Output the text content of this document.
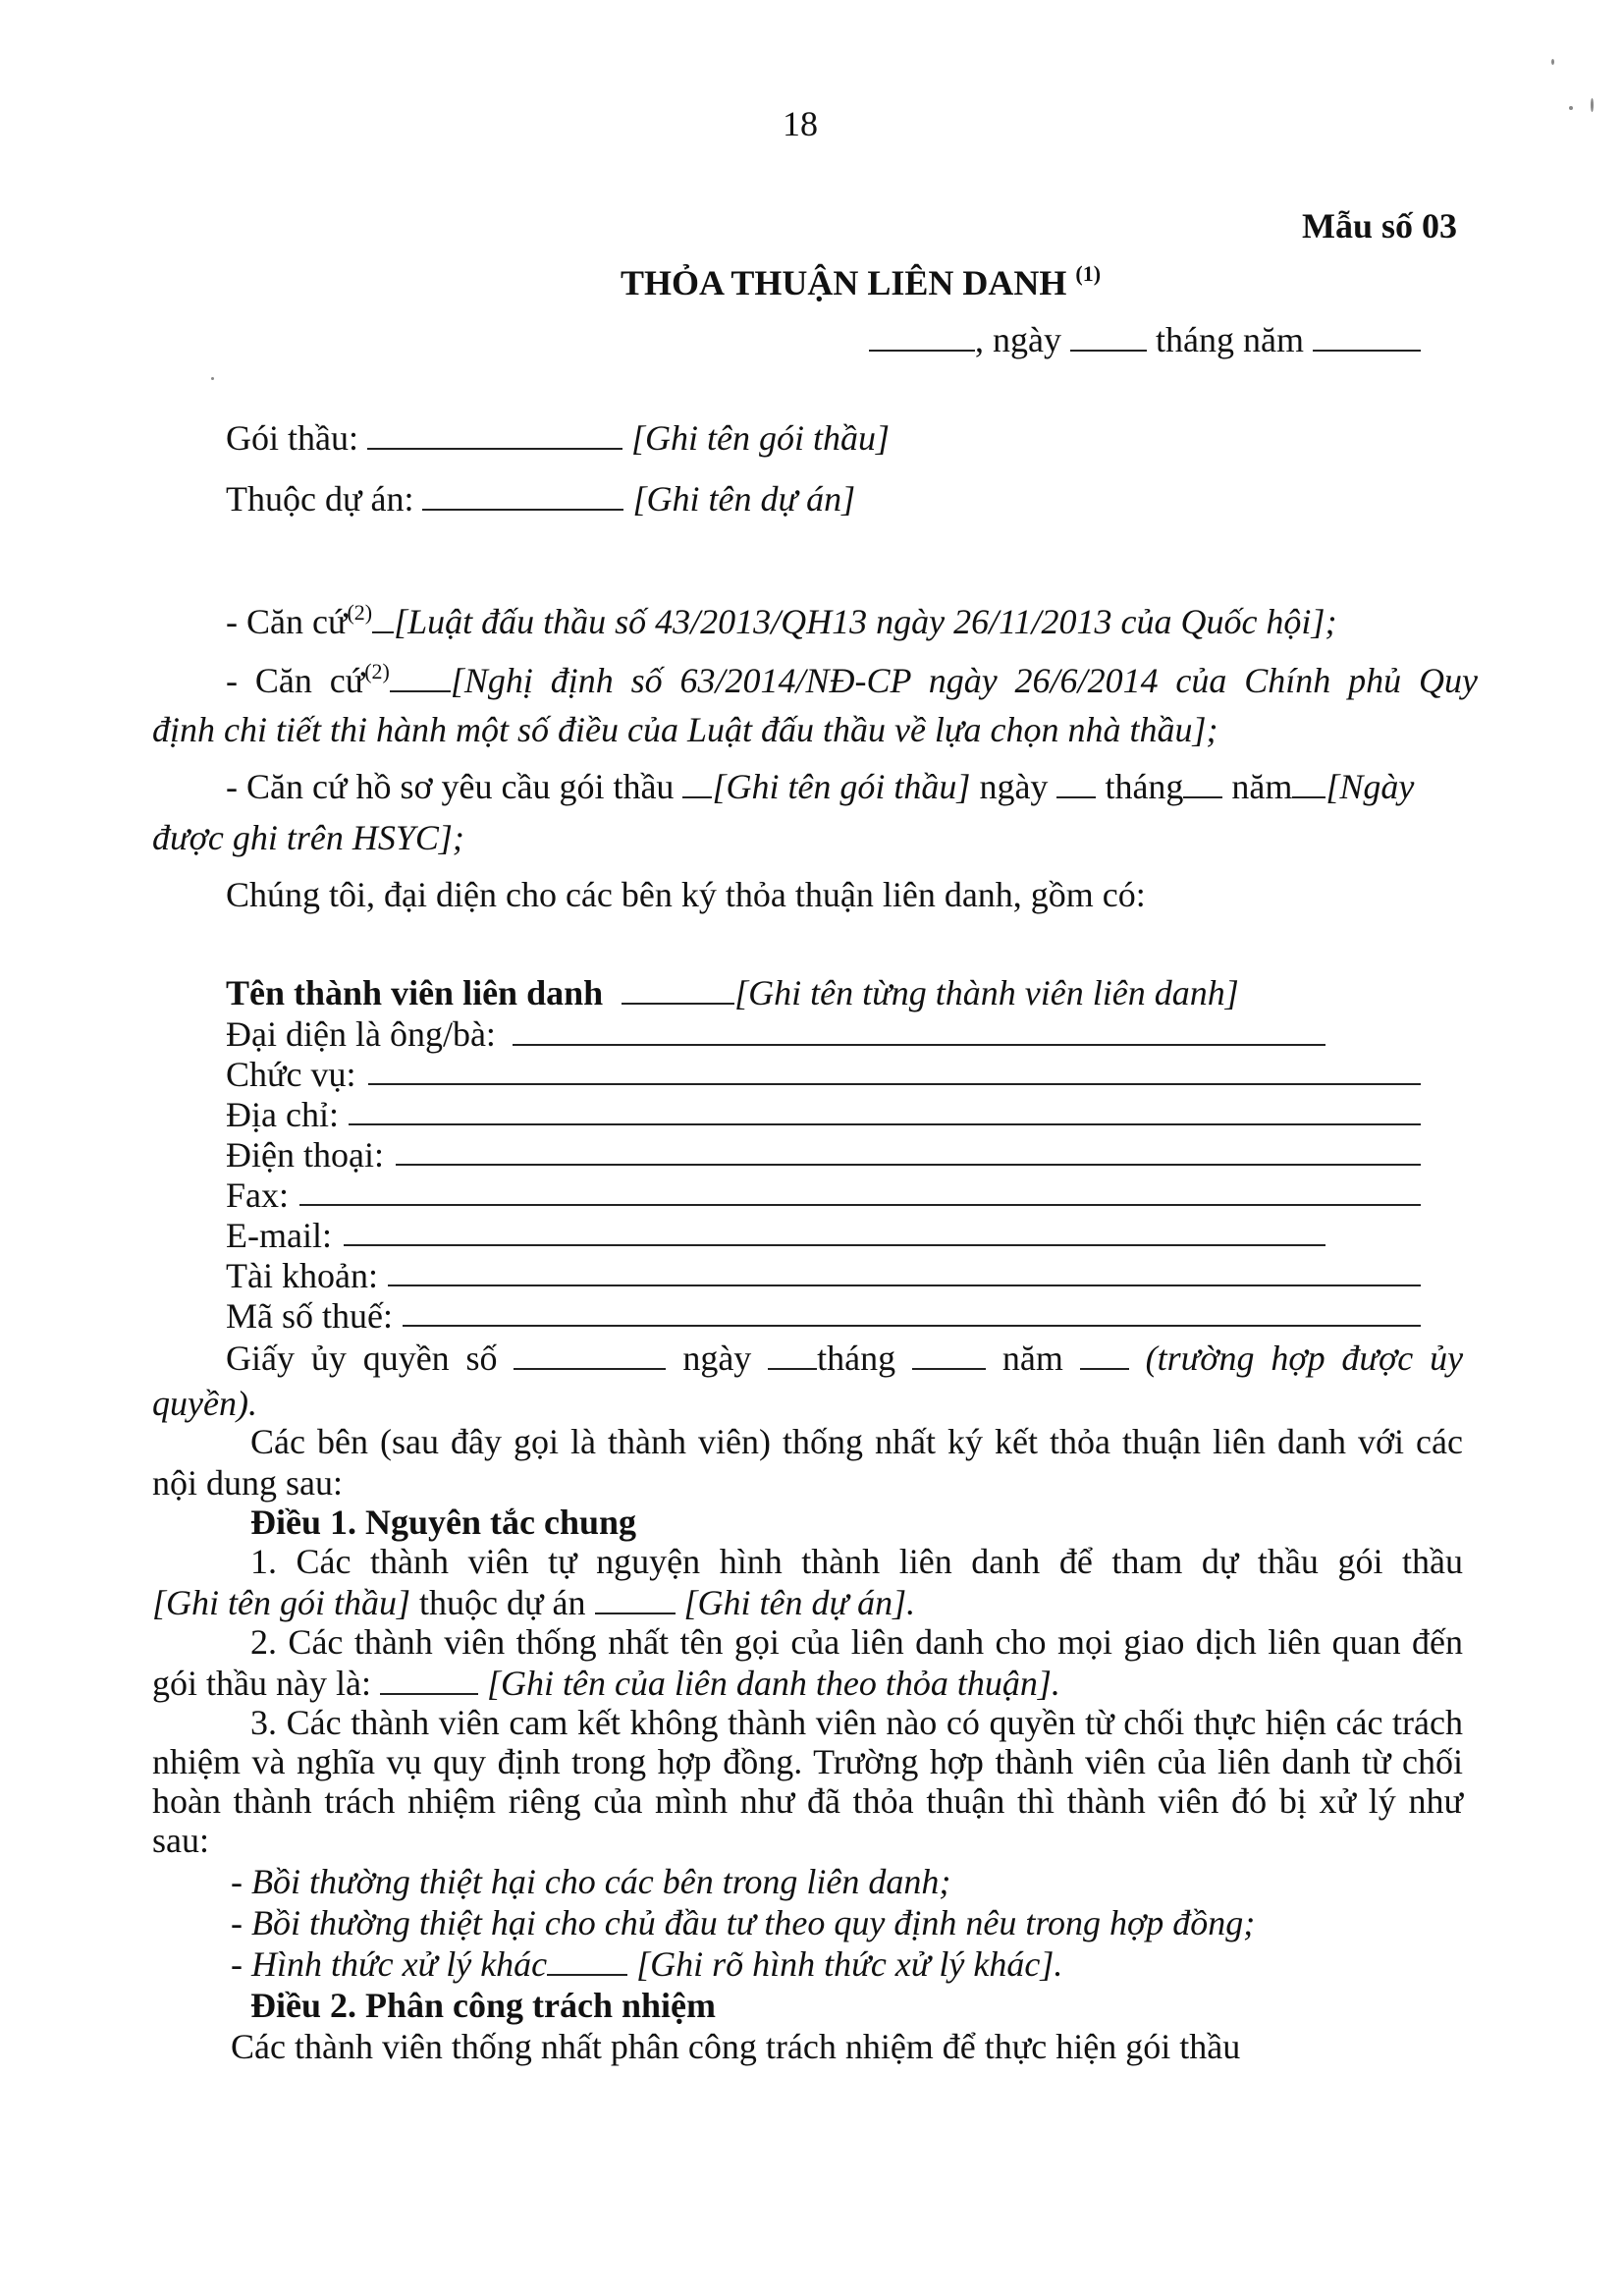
18
Mẫu số 03
THỎA THUẬN LIÊN DANH $^{(1)}$
, ngày	tháng năm
Gói thầu:	[Ghi tên gói thầu]
Thuộc dự án:	[Ghi tên dự án]
- Căn cứ$^{(2)}$ [Luật đấu thầu số 43/2013/QH13 ngày 26/11/2013 của Quốc hội];
- Căn cứ$^{(2)}$ [Nghị định số 63/2014/NĐ-CP ngày 26/6/2014 của Chính phủ Quy
định chi tiết thi hành một số điều của Luật đấu thầu về lựa chọn nhà thầu];
- Căn cứ hồ sơ yêu cầu gói thầu [Ghi tên gói thầu] ngày tháng năm [Ngày
được ghi trên HSYC];
Chúng tôi, đại diện cho các bên ký thỏa thuận liên danh, gồm có:
Tên thành viên liên danh	[Ghi tên từng thành viên liên danh]
Đại diện là ông/bà:
Chức vụ:
Địa chỉ:
Điện thoại:
Fax:
E-mail:
Tài khoản:
Mã số thuế:
Giấy ủy quyền số	ngày tháng	năm (trường hợp được ủy
quyền).
Các bên (sau đây gọi là thành viên) thống nhất ký kết thỏa thuận liên danh với các
nội dung sau:
Điều 1. Nguyên tắc chung
1. Các thành viên tự nguyện hình thành liên danh để tham dự thầu gói thầu
[Ghi tên gói thầu] thuộc dự án	[Ghi tên dự án].
2. Các thành viên thống nhất tên gọi của liên danh cho mọi giao dịch liên quan đến
gói thầu này là:	[Ghi tên của liên danh theo thỏa thuận].
3. Các thành viên cam kết không thành viên nào có quyền từ chối thực hiện các trách
nhiệm và nghĩa vụ quy định trong hợp đồng. Trường hợp thành viên của liên danh từ chối
hoàn thành trách nhiệm riêng của mình như đã thỏa thuận thì thành viên đó bị xử lý như
sau:
- Bồi thường thiệt hại cho các bên trong liên danh;
- Bồi thường thiệt hại cho chủ đầu tư theo quy định nêu trong hợp đồng;
- Hình thức xử lý khác	[Ghi rõ hình thức xử lý khác].
Điều 2. Phân công trách nhiệm
Các thành viên thống nhất phân công trách nhiệm để thực hiện gói thầu
